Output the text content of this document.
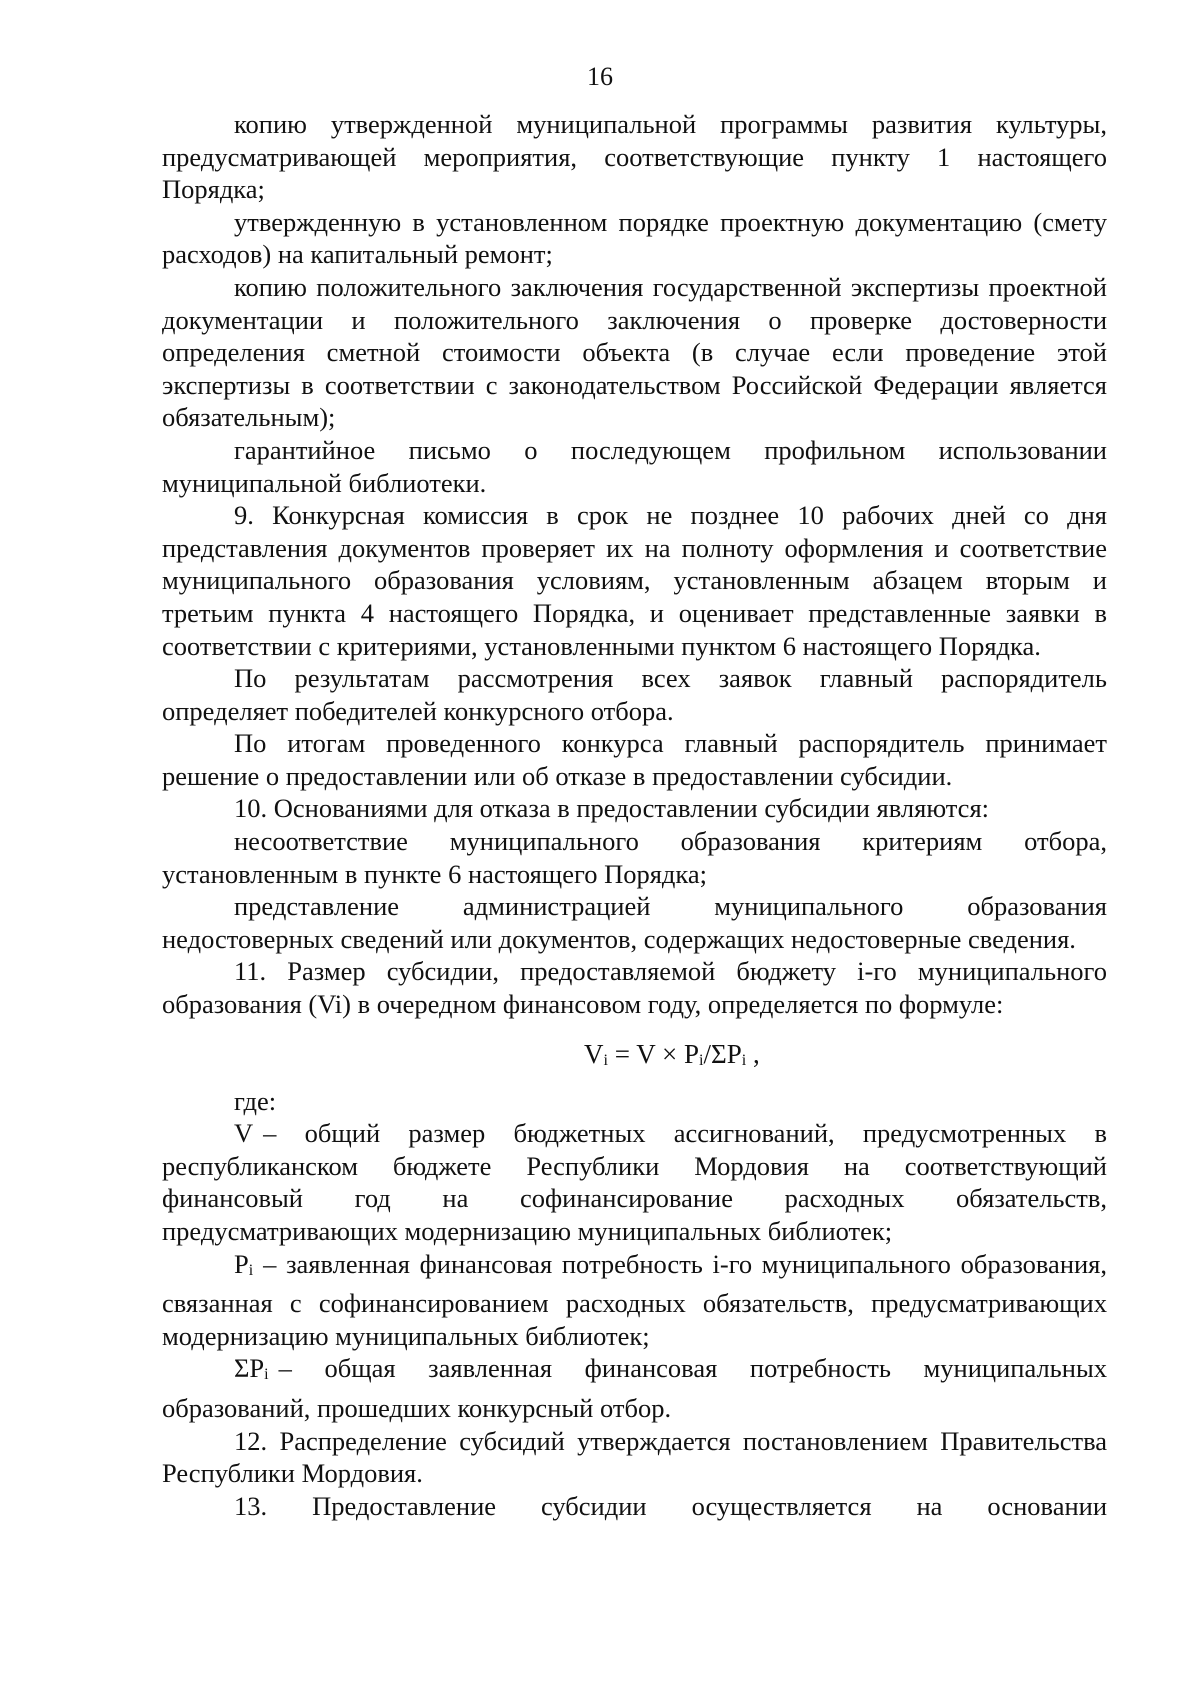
16

копию утвержденной муниципальной программы развития культуры, предусматривающей мероприятия, соответствующие пункту 1 настоящего Порядка;

утвержденную в установленном порядке проектную документацию (смету расходов) на капитальный ремонт;

копию положительного заключения государственной экспертизы проектной документации и положительного заключения о проверке достоверности определения сметной стоимости объекта (в случае если проведение этой экспертизы в соответствии с законодательством Российской Федерации является обязательным);

гарантийное письмо о последующем профильном использовании муниципальной библиотеки.

9. Конкурсная комиссия в срок не позднее 10 рабочих дней со дня представления документов проверяет их на полноту оформления и соответствие муниципального образования условиям, установленным абзацем вторым и третьим пункта 4 настоящего Порядка, и оценивает представленные заявки в соответствии с критериями, установленными пунктом 6 настоящего Порядка.

По результатам рассмотрения всех заявок главный распорядитель определяет победителей конкурсного отбора.

По итогам проведенного конкурса главный распорядитель принимает решение о предоставлении или об отказе в предоставлении субсидии.

10. Основаниями для отказа в предоставлении субсидии являются:

несоответствие муниципального образования критериям отбора, установленным в пункте 6 настоящего Порядка;

представление администрацией муниципального образования недостоверных сведений или документов, содержащих недостоверные сведения.

11. Размер субсидии, предоставляемой бюджету i-го муниципального образования (Vi) в очередном финансовом году, определяется по формуле:

$V_i = V \times P_i/\Sigma P_i$ ,

где:

V – общий размер бюджетных ассигнований, предусмотренных в республиканском бюджете Республики Мордовия на соответствующий финансовый год на софинансирование расходных обязательств, предусматривающих модернизацию муниципальных библиотек;

$P_i$ – заявленная финансовая потребность i-го муниципального образования, связанная с софинансированием расходных обязательств, предусматривающих модернизацию муниципальных библиотек;

$\Sigma P_i$ – общая заявленная финансовая потребность муниципальных образований, прошедших конкурсный отбор.

12. Распределение субсидий утверждается постановлением Правительства Республики Мордовия.

13. Предоставление субсидии осуществляется на основании
